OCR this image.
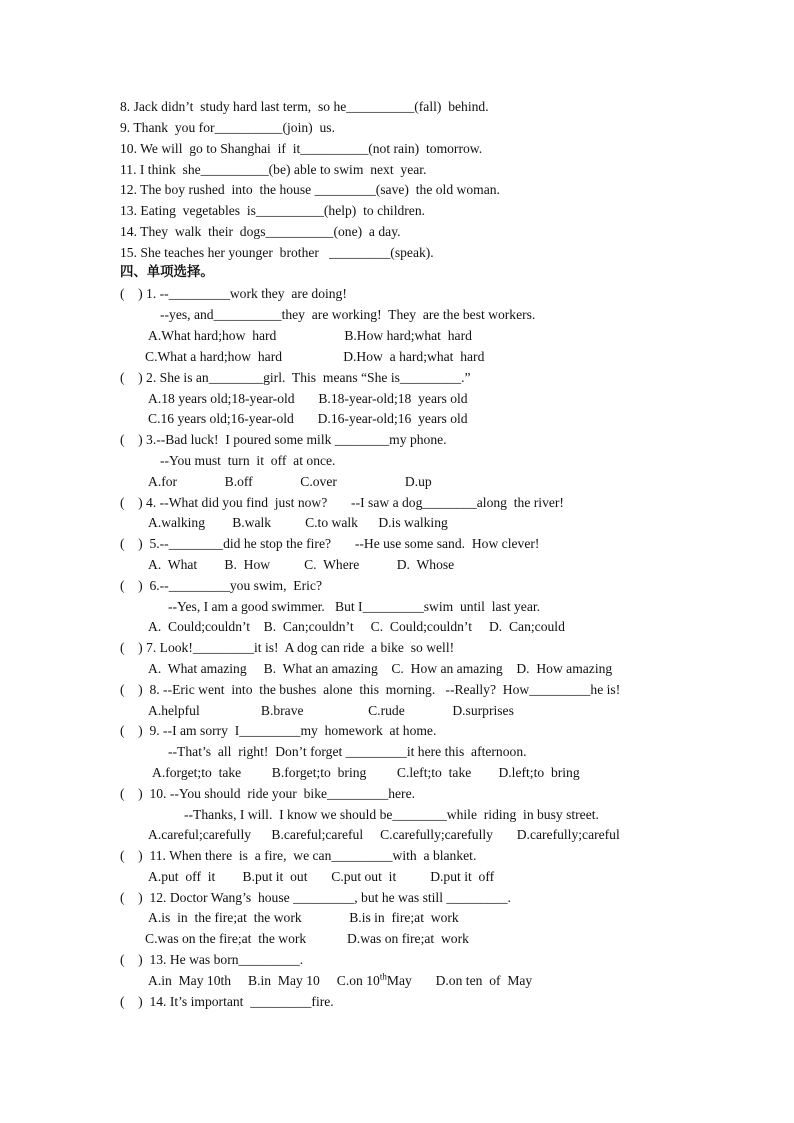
8. Jack didn’t  study hard last term,  so he__________(fall)  behind.
9. Thank  you for__________(join)  us.
10. We will  go to Shanghai  if  it__________(not rain)  tomorrow.
11. I think  she__________(be) able to swim  next  year.
12. The boy rushed  into  the house _________(save)  the old woman.
13. Eating  vegetables  is__________(help)  to children.
14. They  walk  their  dogs__________(one)  a day.
15. She teaches her younger  brother   _________(speak).
四、单项选择。
(    ) 1. --_________work they  are doing!
--yes, and__________they  are working!  They  are the best workers.
A.What hard;how  hard                    B.How hard;what  hard
C.What a hard;how  hard                  D.How  a hard;what  hard
(    ) 2. She is an________girl.  This  means “She is_________.”
A.18 years old;18-year-old       B.18-year-old;18  years old
C.16 years old;16-year-old       D.16-year-old;16  years old
(    ) 3.--Bad luck!  I poured some milk ________my phone.
--You must  turn  it  off  at once.
A.for              B.off              C.over                    D.up
(    ) 4. --What did you find  just now?       --I saw a dog________along  the river!
A.walking        B.walk          C.to walk      D.is walking
(    )  5.--________did he stop the fire?       --He use some sand.  How clever!
A.  What        B.  How          C.  Where           D.  Whose
(    )  6.--_________you swim,  Eric?
--Yes, I am a good swimmer.   But I_________swim  until  last year.
A.  Could;couldn’t    B.  Can;couldn’t     C.  Could;couldn’t     D.  Can;could
(    ) 7. Look!_________it is!  A dog can ride  a bike  so well!
A.  What amazing     B.  What an amazing    C.  How an amazing    D.  How amazing
(    )  8. --Eric went  into  the bushes  alone  this  morning.   --Really?  How_________he is!
A.helpful                  B.brave                   C.rude              D.surprises
(    )  9. --I am sorry  I_________my  homework  at home.
--That’s  all  right!  Don’t forget _________it here this  afternoon.
A.forget;to  take         B.forget;to  bring         C.left;to  take        D.left;to  bring
(    )  10. --You should  ride your  bike_________here.
--Thanks, I will.  I know we should be________while  riding  in busy street.
A.careful;carefully      B.careful;careful     C.carefully;carefully       D.carefully;careful
(    )  11. When there  is  a fire,  we can_________with  a blanket.
A.put  off  it        B.put it  out       C.put out  it          D.put it  off
(    )  12. Doctor Wang’s  house _________, but he was still _________.
A.is  in  the fire;at  the work              B.is in  fire;at  work
C.was on the fire;at  the work            D.was on fire;at  work
(    )  13. He was born_________.
A.in  May 10th     B.in  May 10     C.on 10thMay       D.on ten  of  May
(    )  14. It’s important  _________fire.
